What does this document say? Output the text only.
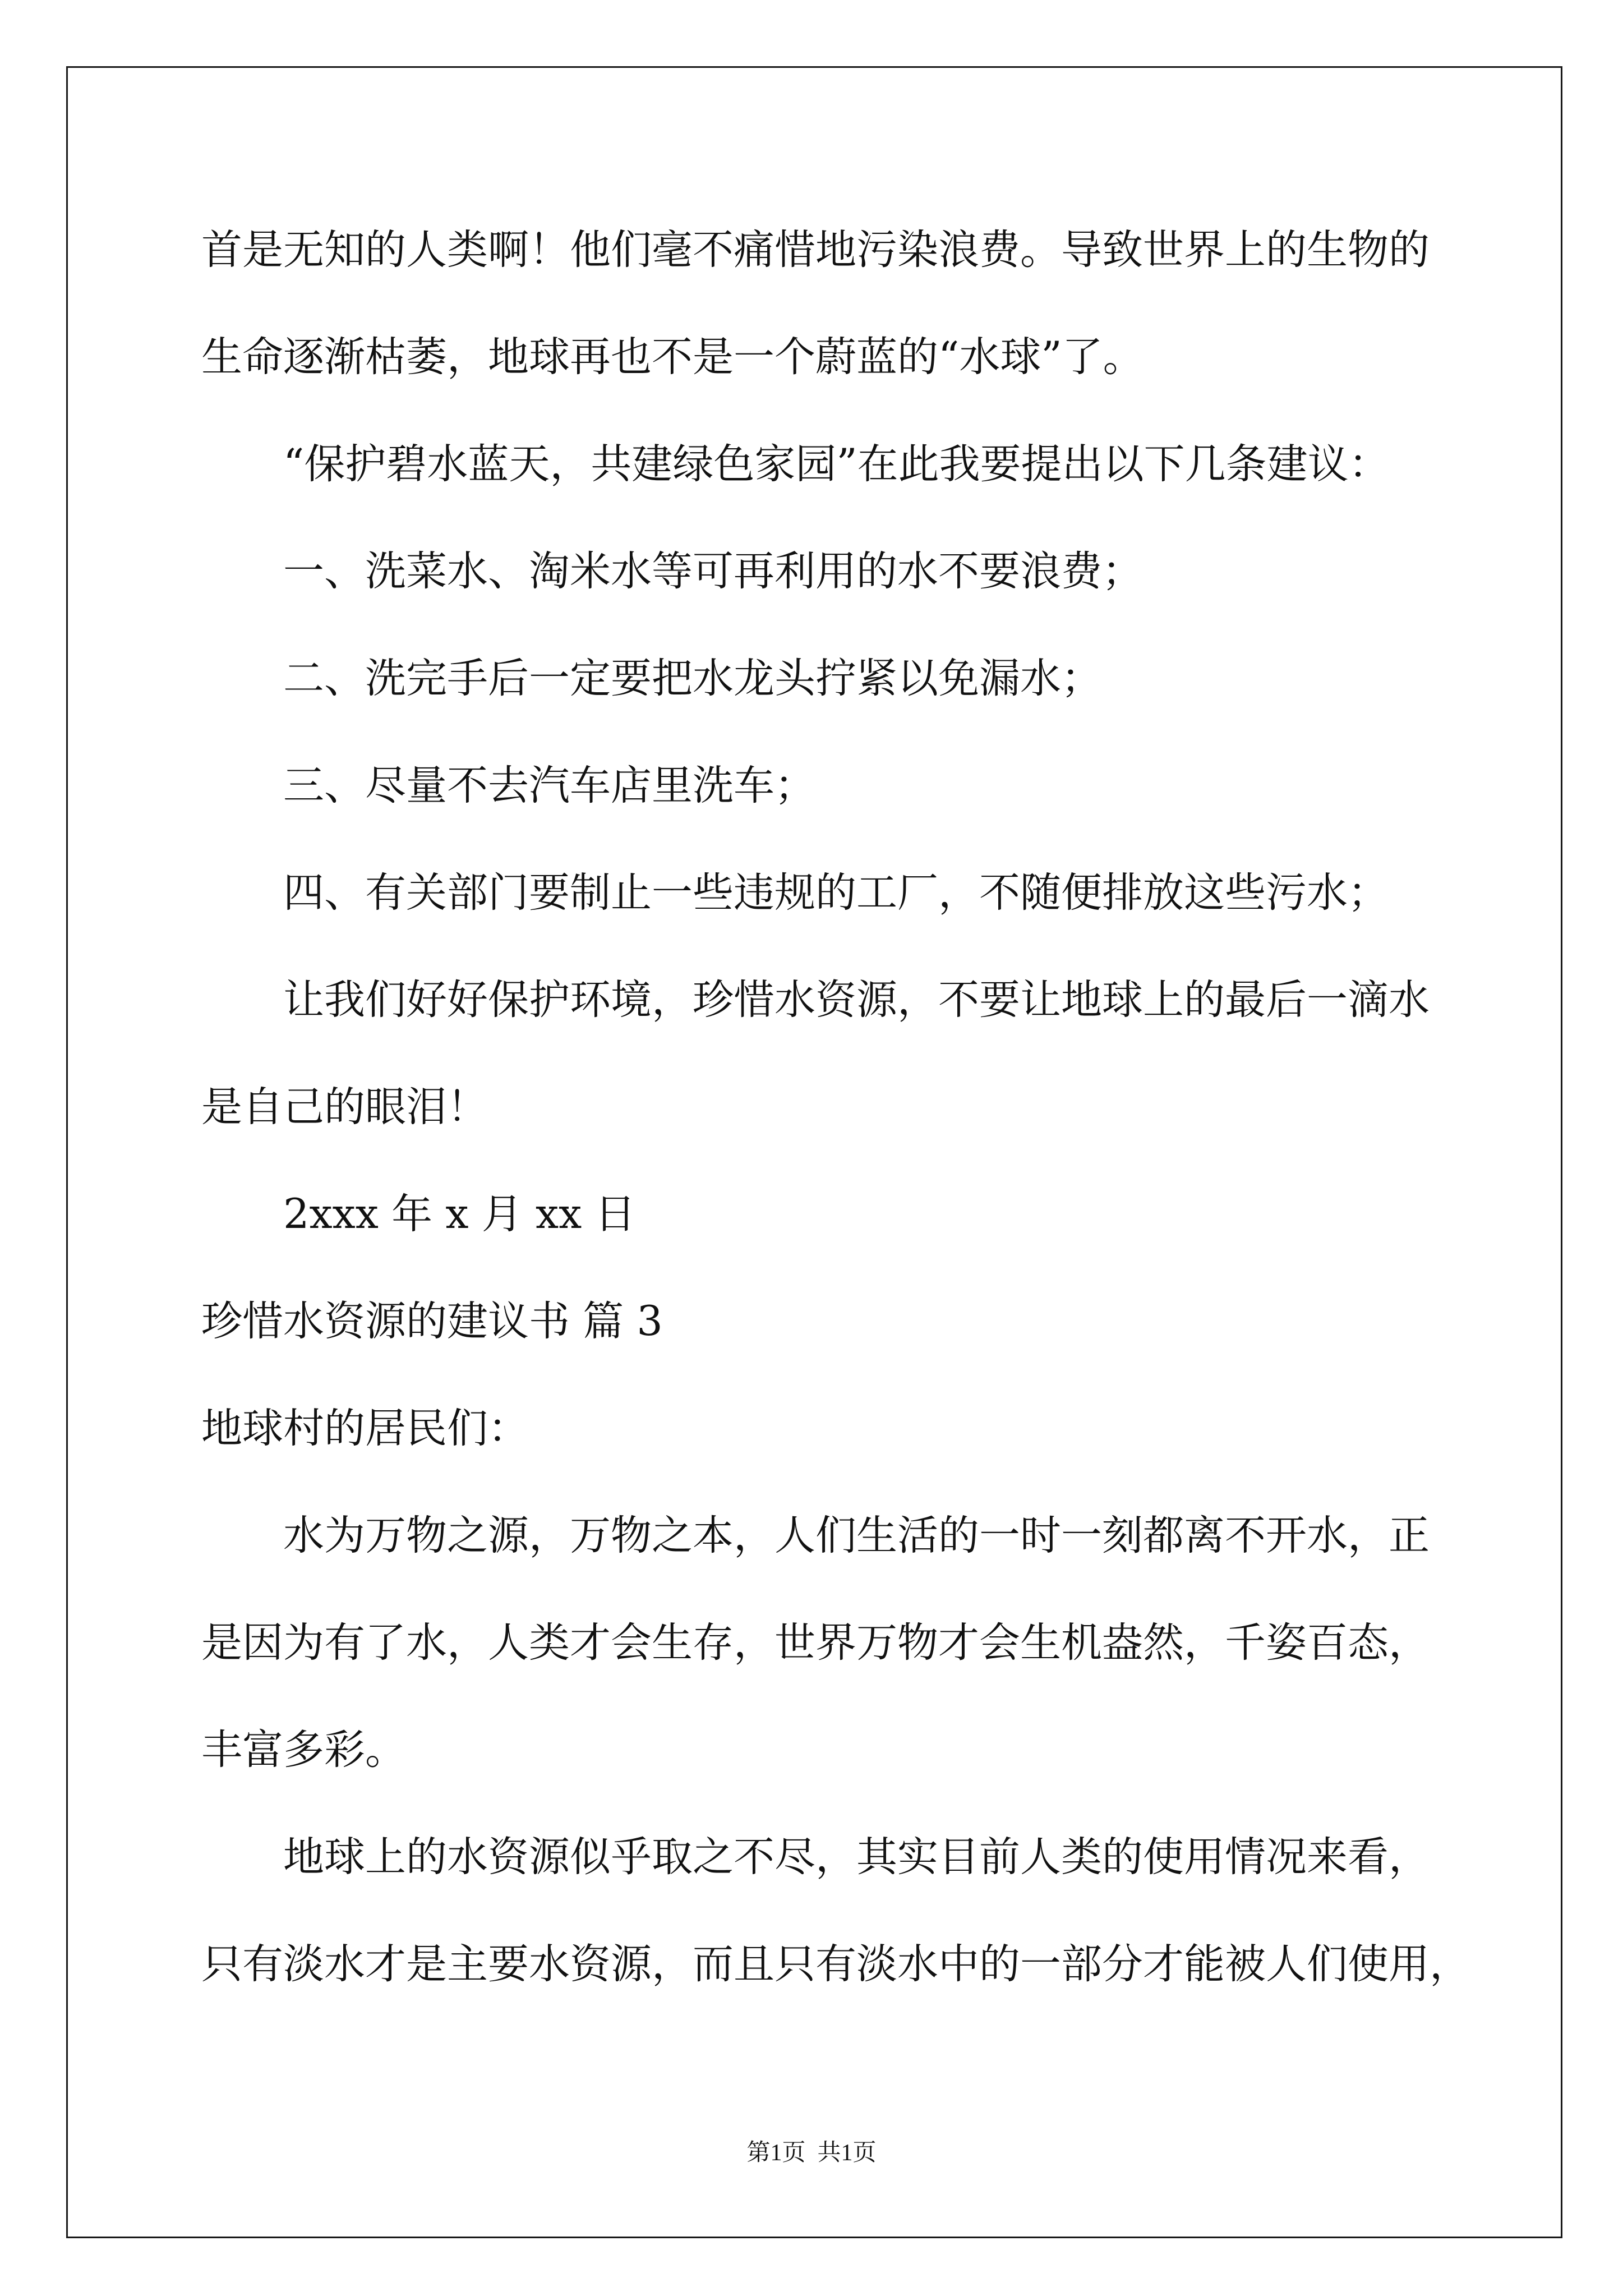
首是无知的人类啊！他们毫不痛惜地污染浪费。导致世界上的生物的
生命逐渐枯萎，地球再也不是一个蔚蓝的“水球”了。
“保护碧水蓝天，共建绿色家园”在此我要提出以下几条建议：
一、洗菜水、淘米水等可再利用的水不要浪费；
二、洗完手后一定要把水龙头拧紧以免漏水；
三、尽量不去汽车店里洗车；
四、有关部门要制止一些违规的工厂，不随便排放这些污水；
让我们好好保护环境，珍惜水资源，不要让地球上的最后一滴水
是自己的眼泪！
2xxx 年 x 月 xx 日
珍惜水资源的建议书 篇 3
地球村的居民们：
水为万物之源，万物之本，人们生活的一时一刻都离不开水，正
是因为有了水，人类才会生存，世界万物才会生机盎然，千姿百态，
丰富多彩。
地球上的水资源似乎取之不尽，其实目前人类的使用情况来看，
只有淡水才是主要水资源，而且只有淡水中的一部分才能被人们使用，
第1页  共1页
